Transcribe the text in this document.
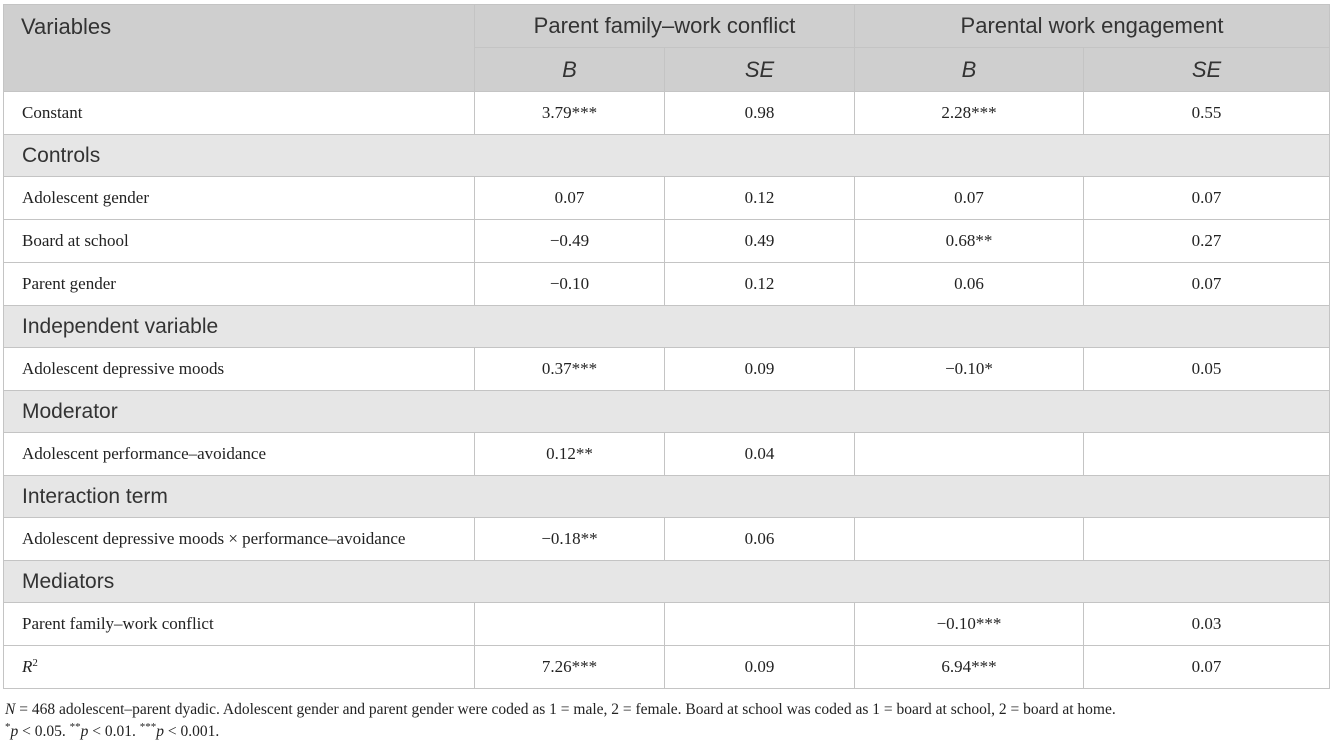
Variables	Parent family–work conflict		Parental work engagement	
	B	SE	B	SE
Constant	3.79***	0.98	2.28***	0.55
Controls				
Adolescent gender	0.07	0.12	0.07	0.07
Board at school	−0.49	0.49	0.68**	0.27
Parent gender	−0.10	0.12	0.06	0.07
Independent variable				
Adolescent depressive moods	0.37***	0.09	−0.10*	0.05
Moderator				
Adolescent performance–avoidance	0.12**	0.04		
Interaction term				
Adolescent depressive moods × performance–avoidance	−0.18**	0.06		
Mediators				
Parent family–work conflict			−0.10***	0.03
$R^2$	7.26***	0.09	6.94***	0.07
N = 468 adolescent–parent dyadic. Adolescent gender and parent gender were coded as 1 = male, 2 = female. Board at school was coded as 1 = board at school, 2 = board at home.
*p < 0.05. **p < 0.01. ***p < 0.001.
